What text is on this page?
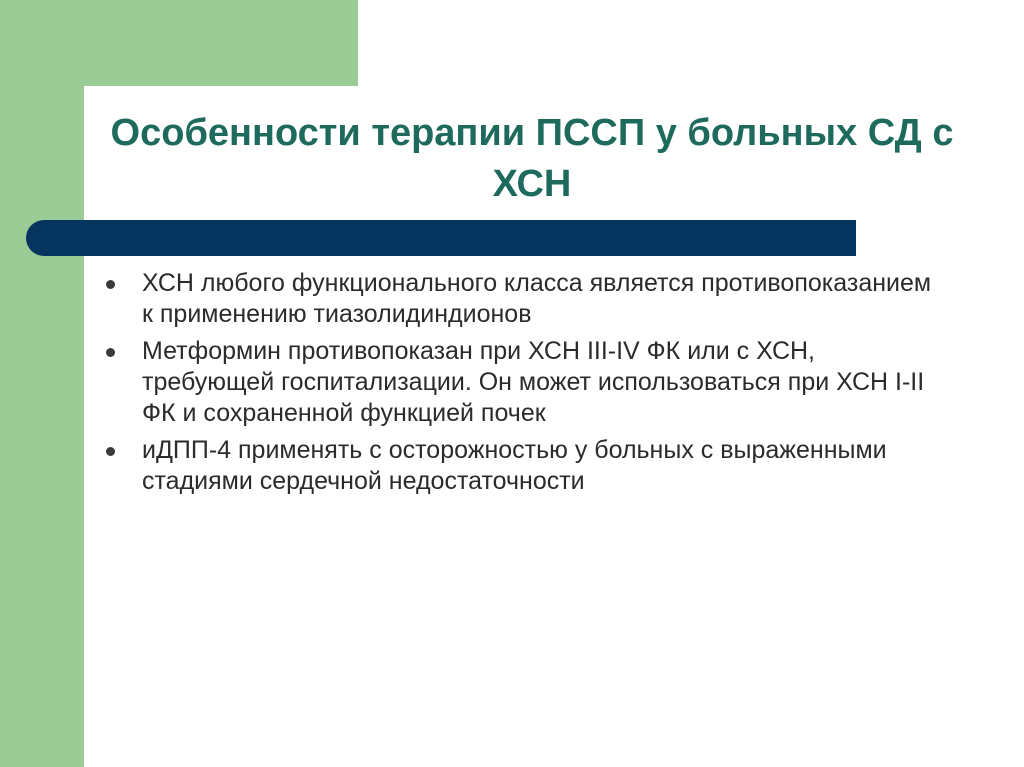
Особенности терапии ПССП у больных СД с ХСН
ХСН любого функционального класса является противопоказанием к применению тиазолидиндионов
Метформин противопоказан при ХСН III-IV ФК или с ХСН, требующей госпитализации. Он может использоваться при ХСН I-II ФК и сохраненной функцией почек
иДПП-4 применять с осторожностью у больных с выраженными стадиями сердечной недостаточности
